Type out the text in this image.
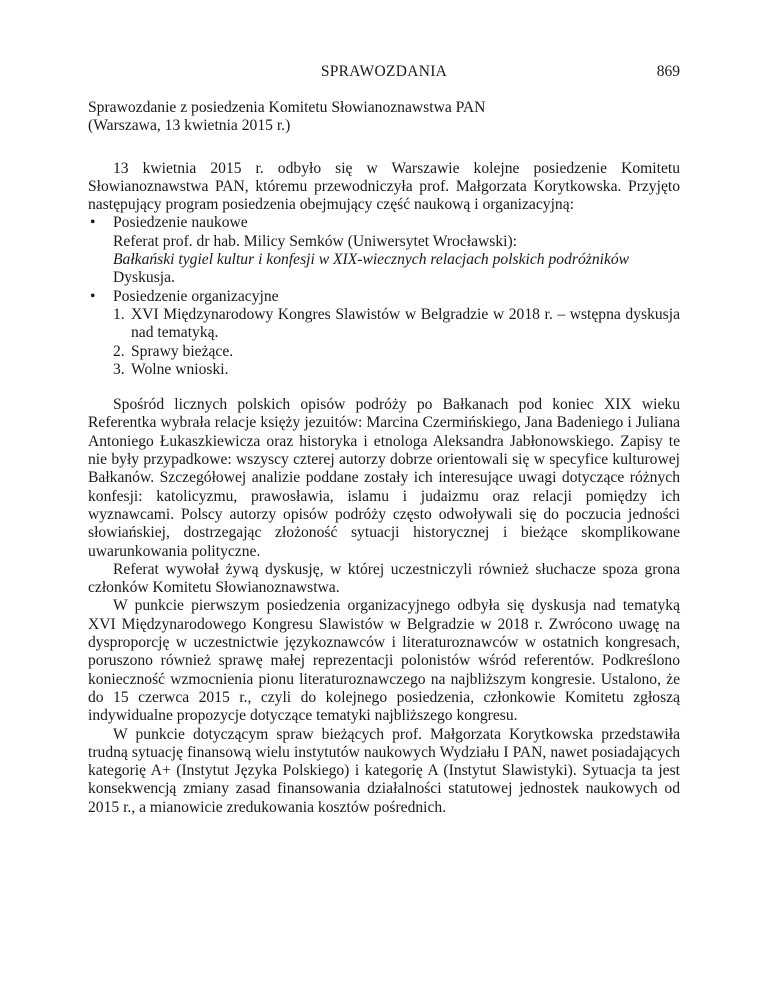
SPRAWOZDANIA	869
Sprawozdanie z posiedzenia Komitetu Słowianoznawstwa PAN
(Warszawa, 13 kwietnia 2015 r.)

13 kwietnia 2015 r. odbyło się w Warszawie kolejne posiedzenie Komitetu Słowianoznawstwa PAN, któremu przewodniczyła prof. Małgorzata Korytkowska. Przyjęto następujący program posiedzenia obejmujący część naukową i organizacyjną:

• Posiedzenie naukowe
Referat prof. dr hab. Milicy Semków (Uniwersytet Wrocławski):
Bałkański tygiel kultur i konfesji w XIX-wiecznych relacjach polskich podróżników
Dyskusja.
• Posiedzenie organizacyjne
1. XVI Międzynarodowy Kongres Slawistów w Belgradzie w 2018 r. – wstępna dyskusja nad tematyką.
2. Sprawy bieżące.
3. Wolne wnioski.

Spośród licznych polskich opisów podróży po Bałkanach pod koniec XIX wieku Referentka wybrała relacje księży jezuitów: Marcina Czermińskiego, Jana Badeniego i Juliana Antoniego Łukaszkiewicza oraz historyka i etnologa Aleksandra Jabłonowskiego. Zapisy te nie były przypadkowe: wszyscy czterej autorzy dobrze orientowali się w specyfice kulturowej Bałkanów. Szczegółowej analizie poddane zostały ich interesujące uwagi dotyczące różnych konfesji: katolicyzmu, prawosławia, islamu i judaizmu oraz relacji pomiędzy ich wyznawcami. Polscy autorzy opisów podróży często odwoływali się do poczucia jedności słowiańskiej, dostrzegając złożoność sytuacji historycznej i bieżące skomplikowane uwarunkowania polityczne.

Referat wywołał żywą dyskusję, w której uczestniczyli również słuchacze spoza grona członków Komitetu Słowianoznawstwa.

W punkcie pierwszym posiedzenia organizacyjnego odbyła się dyskusja nad tematyką XVI Międzynarodowego Kongresu Slawistów w Belgradzie w 2018 r. Zwrócono uwagę na dysproporcję w uczestnictwie językoznawców i literaturoznawców w ostatnich kongresach, poruszono również sprawę małej reprezentacji polonistów wśród referentów. Podkreślono konieczność wzmocnienia pionu literaturoznawczego na najbliższym kongresie. Ustalono, że do 15 czerwca 2015 r., czyli do kolejnego posiedzenia, członkowie Komitetu zgłoszą indywidualne propozycje dotyczące tematyki najbliższego kongresu.

W punkcie dotyczącym spraw bieżących prof. Małgorzata Korytkowska przedstawiła trudną sytuację finansową wielu instytutów naukowych Wydziału I PAN, nawet posiadających kategorię A+ (Instytut Języka Polskiego) i kategorię A (Instytut Slawistyki). Sytuacja ta jest konsekwencją zmiany zasad finansowania działalności statutowej jednostek naukowych od 2015 r., a mianowicie zredukowania kosztów pośrednich.
